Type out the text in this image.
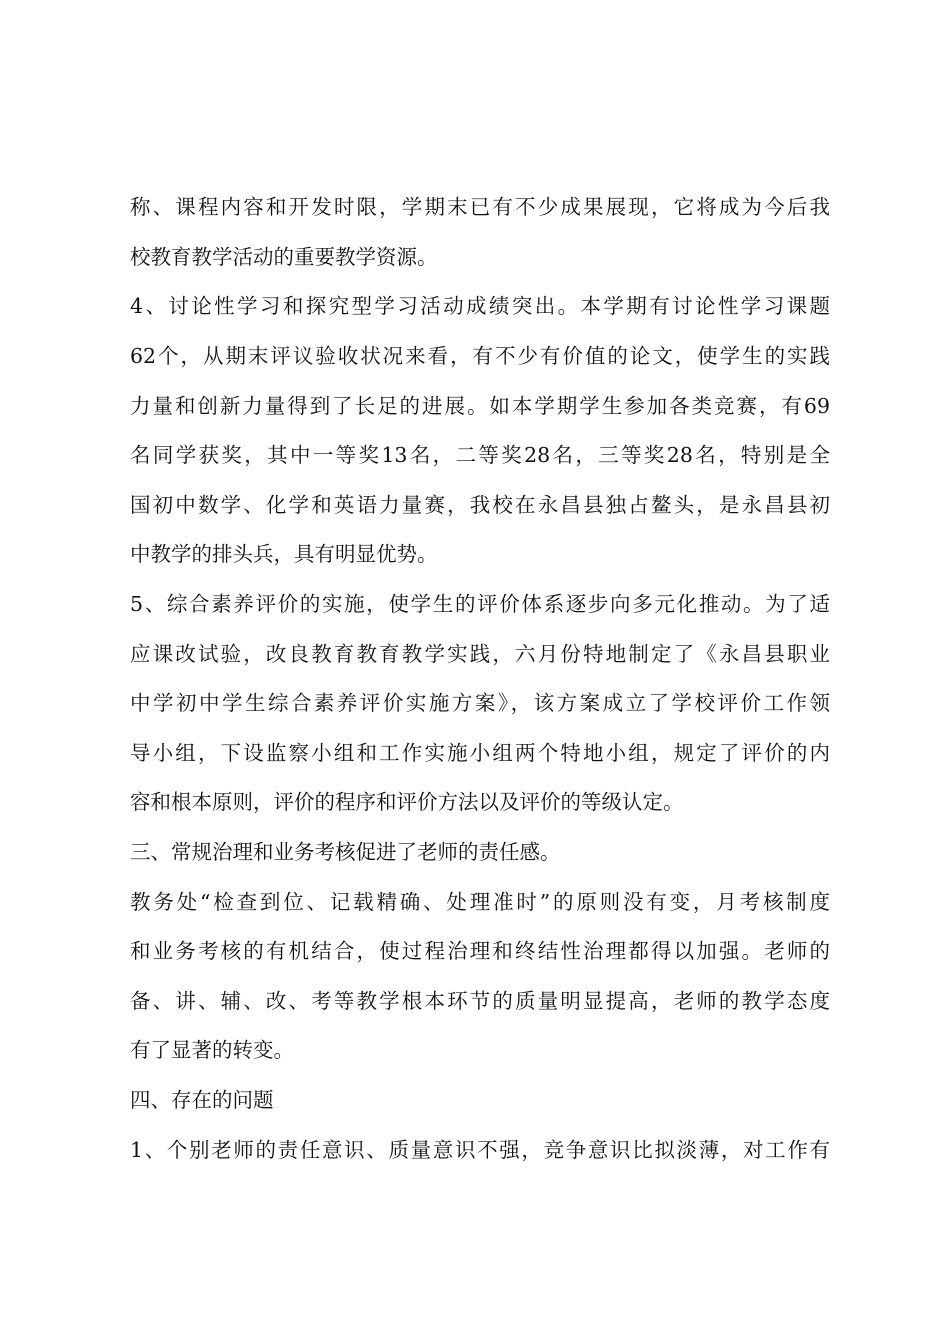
称、课程内容和开发时限，学期末已有不少成果展现，它将成为今后我
校教育教学活动的重要教学资源。
4、讨论性学习和探究型学习活动成绩突出。本学期有讨论性学习课题
62个，从期末评议验收状况来看，有不少有价值的论文，使学生的实践
力量和创新力量得到了长足的进展。如本学期学生参加各类竞赛，有69
名同学获奖，其中一等奖13名，二等奖28名，三等奖28名，特别是全
国初中数学、化学和英语力量赛，我校在永昌县独占鳌头，是永昌县初
中教学的排头兵，具有明显优势。
5、综合素养评价的实施，使学生的评价体系逐步向多元化推动。为了适
应课改试验，改良教育教育教学实践，六月份特地制定了《永昌县职业
中学初中学生综合素养评价实施方案》，该方案成立了学校评价工作领
导小组，下设监察小组和工作实施小组两个特地小组，规定了评价的内
容和根本原则，评价的程序和评价方法以及评价的等级认定。
三、常规治理和业务考核促进了老师的责任感。
教务处“检查到位、记载精确、处理准时”的原则没有变，月考核制度
和业务考核的有机结合，使过程治理和终结性治理都得以加强。老师的
备、讲、辅、改、考等教学根本环节的质量明显提高，老师的教学态度
有了显著的转变。
四、存在的问题
1、个别老师的责任意识、质量意识不强，竞争意识比拟淡薄，对工作有
